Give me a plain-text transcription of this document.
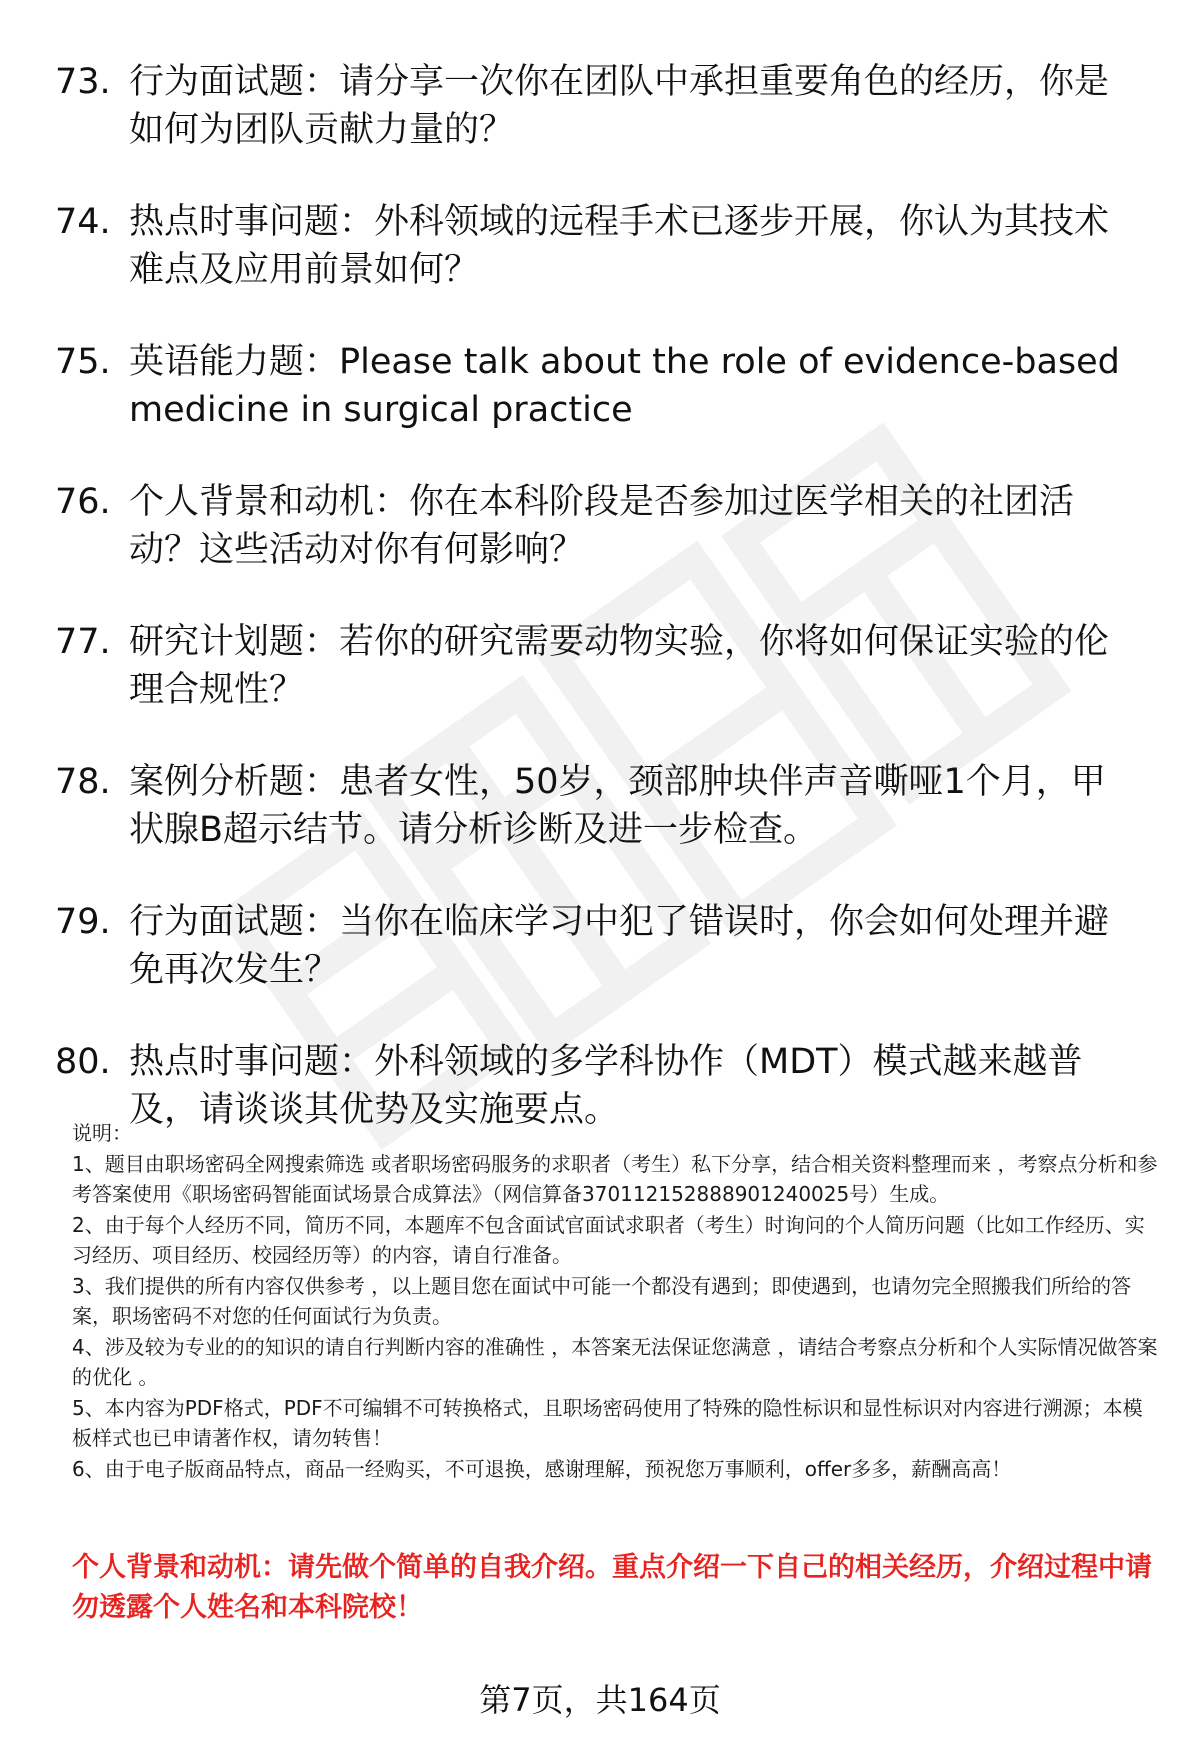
73. 行为面试题：请分享一次你在团队中承担重要角色的经历，你是如何为团队贡献力量的？
74. 热点时事问题：外科领域的远程手术已逐步开展，你认为其技术难点及应用前景如何？
75. 英语能力题：Please talk about the role of evidence-based medicine in surgical practice
76. 个人背景和动机：你在本科阶段是否参加过医学相关的社团活动？这些活动对你有何影响？
77. 研究计划题：若你的研究需要动物实验，你将如何保证实验的伦理合规性？
78. 案例分析题：患者女性，50岁，颈部肿块伴声音嘶哑1个月，甲状腺B超示结节。请分析诊断及进一步检查。
79. 行为面试题：当你在临床学习中犯了错误时，你会如何处理并避免再次发生？
80. 热点时事问题：外科领域的多学科协作（MDT）模式越来越普及，请谈谈其优势及实施要点。

说明：

1、题目由职场密码全网搜索筛选 或者职场密码服务的求职者（考生）私下分享，结合相关资料整理而来 ，考察点分析和参考答案使用《职场密码智能面试场景合成算法》（网信算备370112152888901240025号）生成。

2、由于每个人经历不同，简历不同，本题库不包含面试官面试求职者（考生）时询问的个人简历问题（比如工作经历、实习经历、项目经历、校园经历等）的内容，请自行准备。

3、我们提供的所有内容仅供参考 ，以上题目您在面试中可能一个都没有遇到；即使遇到，也请勿完全照搬我们所给的答案，职场密码不对您的任何面试行为负责。

4、涉及较为专业的的知识的请自行判断内容的准确性 ，本答案无法保证您满意 ，请结合考察点分析和个人实际情况做答案的优化 。

5、本内容为PDF格式，PDF不可编辑不可转换格式，且职场密码使用了特殊的隐性标识和显性标识对内容进行溯源；本模板样式也已申请著作权，请勿转售！

6、由于电子版商品特点，商品一经购买，不可退换，感谢理解，预祝您万事顺利，offer多多，薪酬高高！

个人背景和动机：请先做个简单的自我介绍。重点介绍一下自己的相关经历，介绍过程中请勿透露个人姓名和本科院校！
第7页，共164页
